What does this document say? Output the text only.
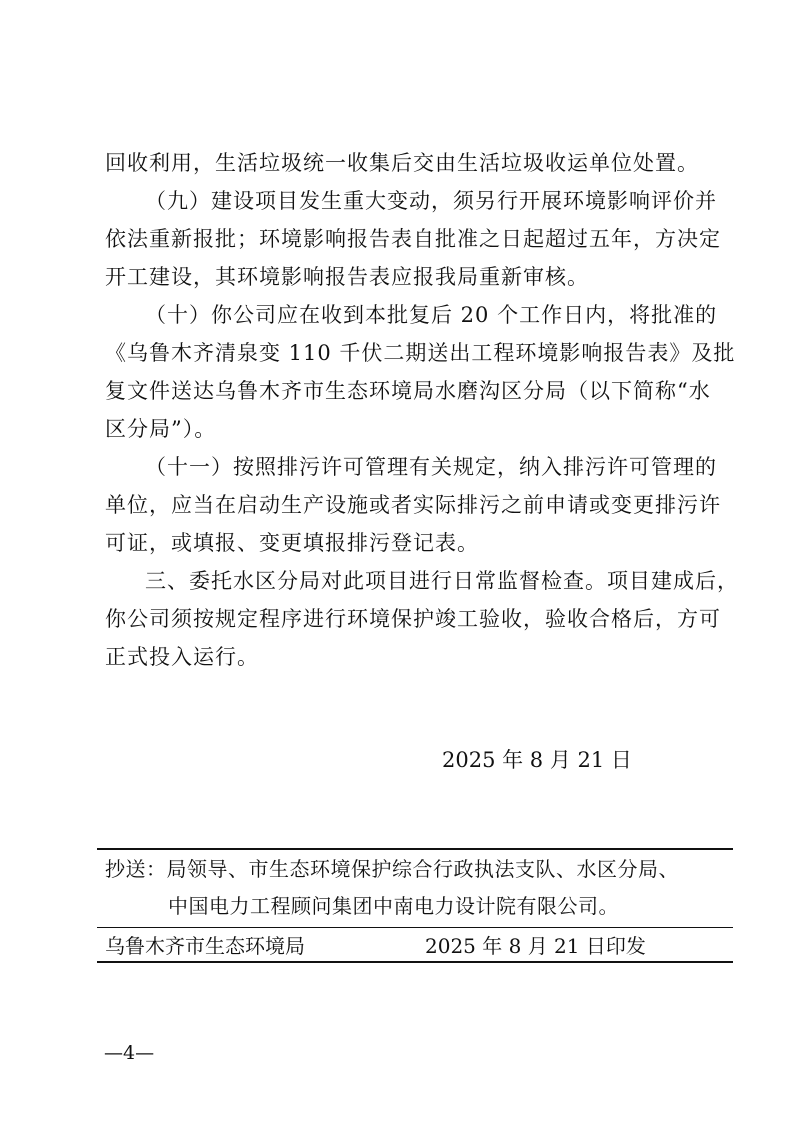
回收利用，生活垃圾统一收集后交由生活垃圾收运单位处置。
（九）建设项目发生重大变动，须另行开展环境影响评价并
依法重新报批；环境影响报告表自批准之日起超过五年，方决定
开工建设，其环境影响报告表应报我局重新审核。
（十）你公司应在收到本批复后 20 个工作日内，将批准的
《乌鲁木齐清泉变 110 千伏二期送出工程环境影响报告表》及批
复文件送达乌鲁木齐市生态环境局水磨沟区分局（以下简称“水
区分局”）。
（十一）按照排污许可管理有关规定，纳入排污许可管理的
单位，应当在启动生产设施或者实际排污之前申请或变更排污许
可证，或填报、变更填报排污登记表。
三、委托水区分局对此项目进行日常监督检查。项目建成后，
你公司须按规定程序进行环境保护竣工验收，验收合格后，方可
正式投入运行。
2025 年 8 月 21 日
抄送：局领导、市生态环境保护综合行政执法支队、水区分局、
中国电力工程顾问集团中南电力设计院有限公司。
乌鲁木齐市生态环境局	2025 年 8 月 21 日印发
—4—
